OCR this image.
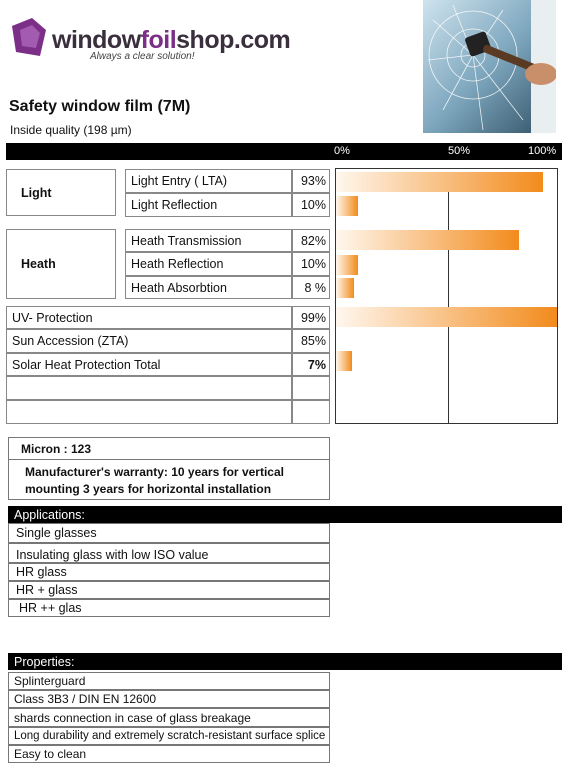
windowfoilshop.com
Always a clear solution!
Safety window film (7M)
Inside quality (198 µm)
0%	50%	100%
Light
Light Entry ( LTA)	93%
Light Reflection	10%
Heath
Heath Transmission	82%
Heath Reflection	10%
Heath Absorbtion	8 %
UV- Protection	99%
Sun Accession (ZTA)	85%
Solar Heat Protection Total	7%
Micron : 123
Manufacturer's warranty: 10 years for vertical mounting 3 years for horizontal installation
Applications:
Single glasses
Insulating glass with low ISO value
HR glass
HR + glass
HR ++ glas
Properties:
Splinterguard
Class 3B3 / DIN EN 12600
shards connection in case of glass breakage
Long durability and extremely scratch-resistant surface splice
Easy to clean
